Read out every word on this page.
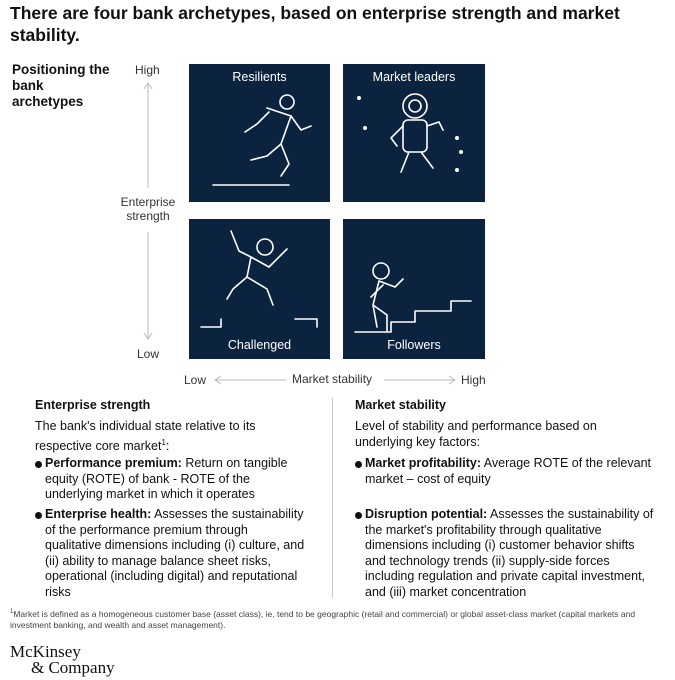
There are four bank archetypes, based on enterprise strength and market stability.
Positioning the bank archetypes
High
Enterprise strength
Low
Resilients	Market leaders
Challenged	Followers
Low	Market stability	High
Enterprise strength
The bank's individual state relative to its
respective core market$^1$:
Performance premium: Return on tangible equity (ROTE) of bank - ROTE of the underlying market in which it operates
Enterprise health: Assesses the sustainability of the performance premium through qualitative dimensions including (i) culture, and (ii) ability to manage balance sheet risks, operational (including digital) and reputational risks
Market stability
Level of stability and performance based on underlying key factors:
Market profitability: Average ROTE of the relevant market – cost of equity
Disruption potential: Assesses the sustainability of the market's profitability through qualitative dimensions including (i) customer behavior shifts and technology trends (ii) supply-side forces including regulation and private capital investment, and (iii) market concentration
$^1$Market is defined as a homogeneous customer base (asset class), ie, tend to be geographic (retail and commercial) or global asset-class market (capital markets and investment banking, and wealth and asset management).
McKinsey
& Company
